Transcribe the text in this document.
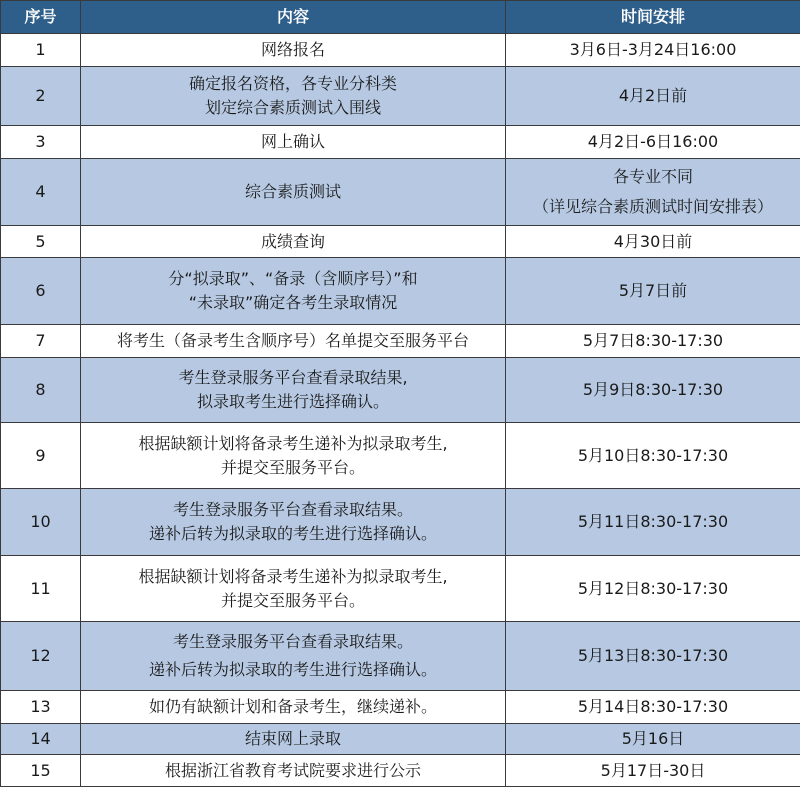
序号	内容	时间安排
1	网络报名	3月6日-3月24日16:00

2	确定报名资格，各专业分科类
划定综合素质测试入围线	4月2日前

3	网上确认	4月2日-6日16:00

4	综合素质测试	各专业不同
（详见综合素质测试时间安排表）

5	成绩查询	4月30日前

6	分“拟录取”、“备录（含顺序号）”和
“未录取”确定各考生录取情况	5月7日前

7	将考生（备录考生含顺序号）名单提交至服务平台	5月7日8:30-17:30

8	考生登录服务平台查看录取结果,
拟录取考生进行选择确认。	5月9日8:30-17:30

9	根据缺额计划将备录考生递补为拟录取考生,
并提交至服务平台。	5月10日8:30-17:30

10	考生登录服务平台查看录取结果。
递补后转为拟录取的考生进行选择确认。	5月11日8:30-17:30

11	根据缺额计划将备录考生递补为拟录取考生,
并提交至服务平台。	5月12日8:30-17:30

12	考生登录服务平台查看录取结果。
递补后转为拟录取的考生进行选择确认。	5月13日8:30-17:30

13	如仍有缺额计划和备录考生，继续递补。	5月14日8:30-17:30

14	结束网上录取	5月16日

15	根据浙江省教育考试院要求进行公示	5月17日-30日
